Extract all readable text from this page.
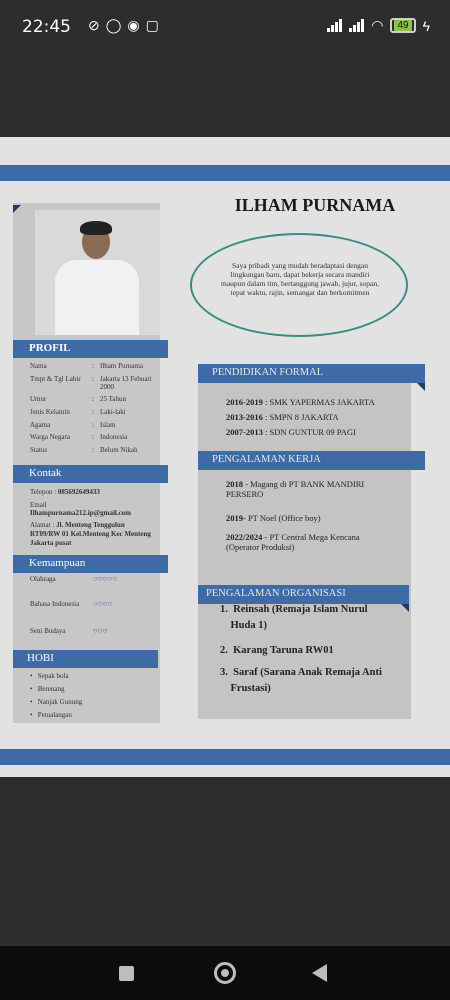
22:45 ⊘ ◯ ◉ ▢	◠	49 ϟ
PROFIL
Nama	: Ilham Purnama
Tmpt & Tgl Lahir	: Jakarta 13 Febuari 2000
Umur	: 25 Tahun
Jenis Kelamin	: Laki-laki
Agama	: Islam
Warga Negara	: Indonesia
Status	: Belum Nikah
Kontak
Telepon : 085692649433
Email
Ilhampurnama212.ip@gmail.com
Alamat : Jl. Menteng Tenggulun
RT09/RW 01 Kel.Menteng Kec Menteng
Jakarta pusat
Kemampuan
Olahraga	○○○○○
Bahasa Indonesia ○○○○
Seni Budaya	○○○
HOBI
•   Sepak bola
•   Berenang
•   Nanjak Gunung
•   Petualangan
ILHAM PURNAMA
Saya pribadi yang mudah beradaptasi dengan lingkungan baru, dapat bekerja secara mandiri maupun dalam tim, bertanggung jawab, jujur, sopan, tepat waktu, rajin, semangat dan berkomitmen
PENDIDIKAN FORMAL
2016-2019 : SMK YAPERMAS JAKARTA
2013-2016 : SMPN 8 JAKARTA
2007-2013 : SDN GUNTUR 09 PAGI
PENGALAMAN KERJA
2018 - Magang di PT BANK MANDIRI
PERSERO
2019- PT Noel (Office boy)
2022/2024 - PT Central Mega Kencana
(Operator Produksi)
PENGALAMAN ORGANISASI
1. Reinsah (Remaja Islam Nurul
Huda 1)
2. Karang Taruna RW01
3. Saraf (Sarana Anak Remaja Anti
Frustasi)
